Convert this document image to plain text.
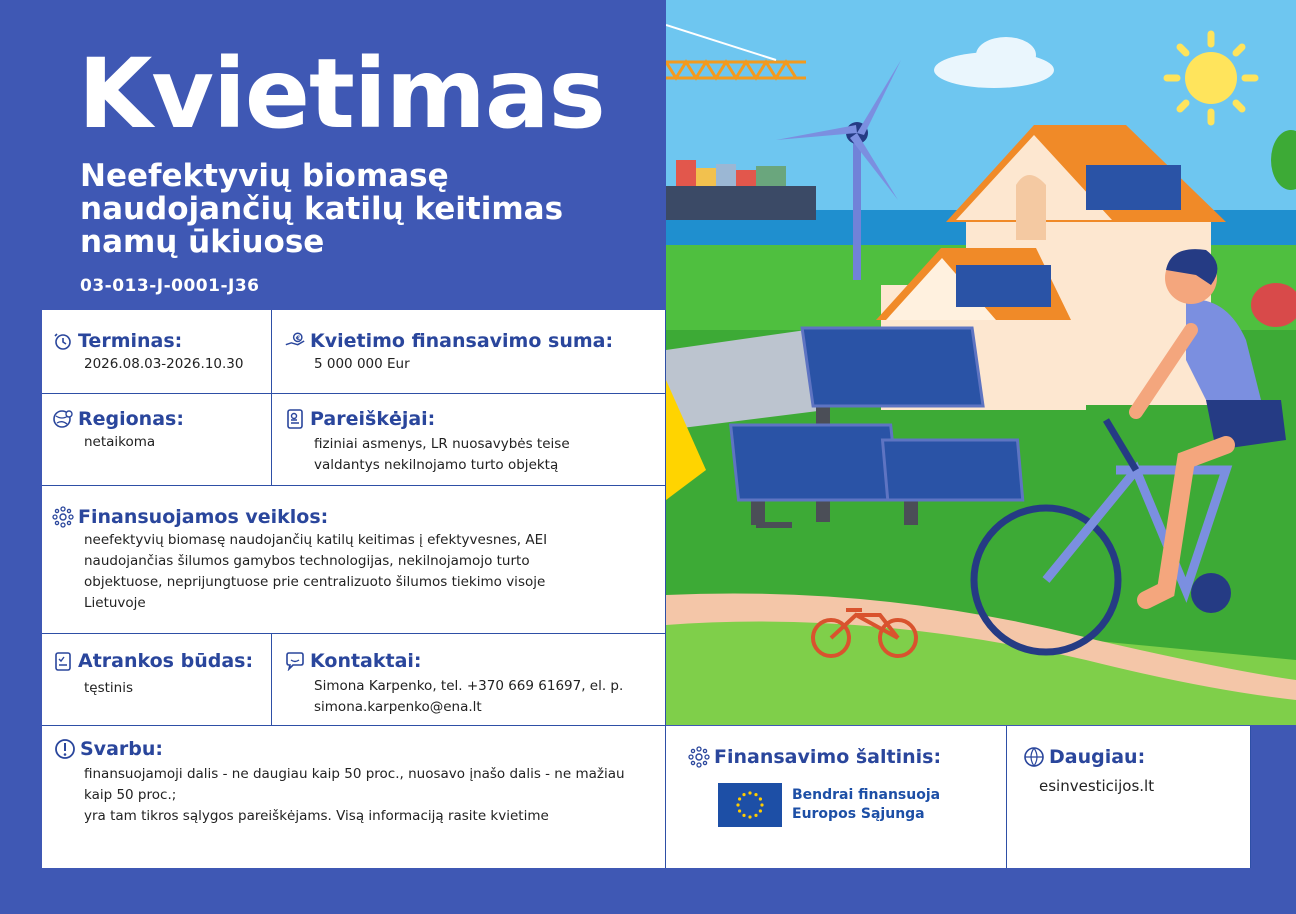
Kvietimas
Neefektyvių biomasę naudojančių katilų keitimas namų ūkiuose
03-013-J-0001-J36
Terminas:
2026.08.03-2026.10.30
€ Kvietimo finansavimo suma:
5 000 000 Eur
Regionas:
netaikoma
Pareiškėjai:
fiziniai asmenys, LR nuosavybės teise
valdantys nekilnojamo turto objektą
Finansuojamos veiklos:
neefektyvių biomasę naudojančių katilų keitimas į efektyvesnes, AEI
naudojančias šilumos gamybos technologijas, nekilnojamojo turto
objektuose, neprijungtuose prie centralizuoto šilumos tiekimo visoje
Lietuvoje
Atrankos būdas:
tęstinis
Kontaktai:
Simona Karpenko, tel. +370 669 61697, el. p.
simona.karpenko@ena.lt
Svarbu:
finansuojamoji dalis - ne daugiau kaip 50 proc., nuosavo įnašo dalis - ne mažiau
kaip 50 proc.;
yra tam tikros sąlygos pareiškėjams. Visą informaciją rasite kvietime
Finansavimo šaltinis:
Bendrai finansuoja
Europos Sąjunga
Daugiau:
esinvesticijos.lt
